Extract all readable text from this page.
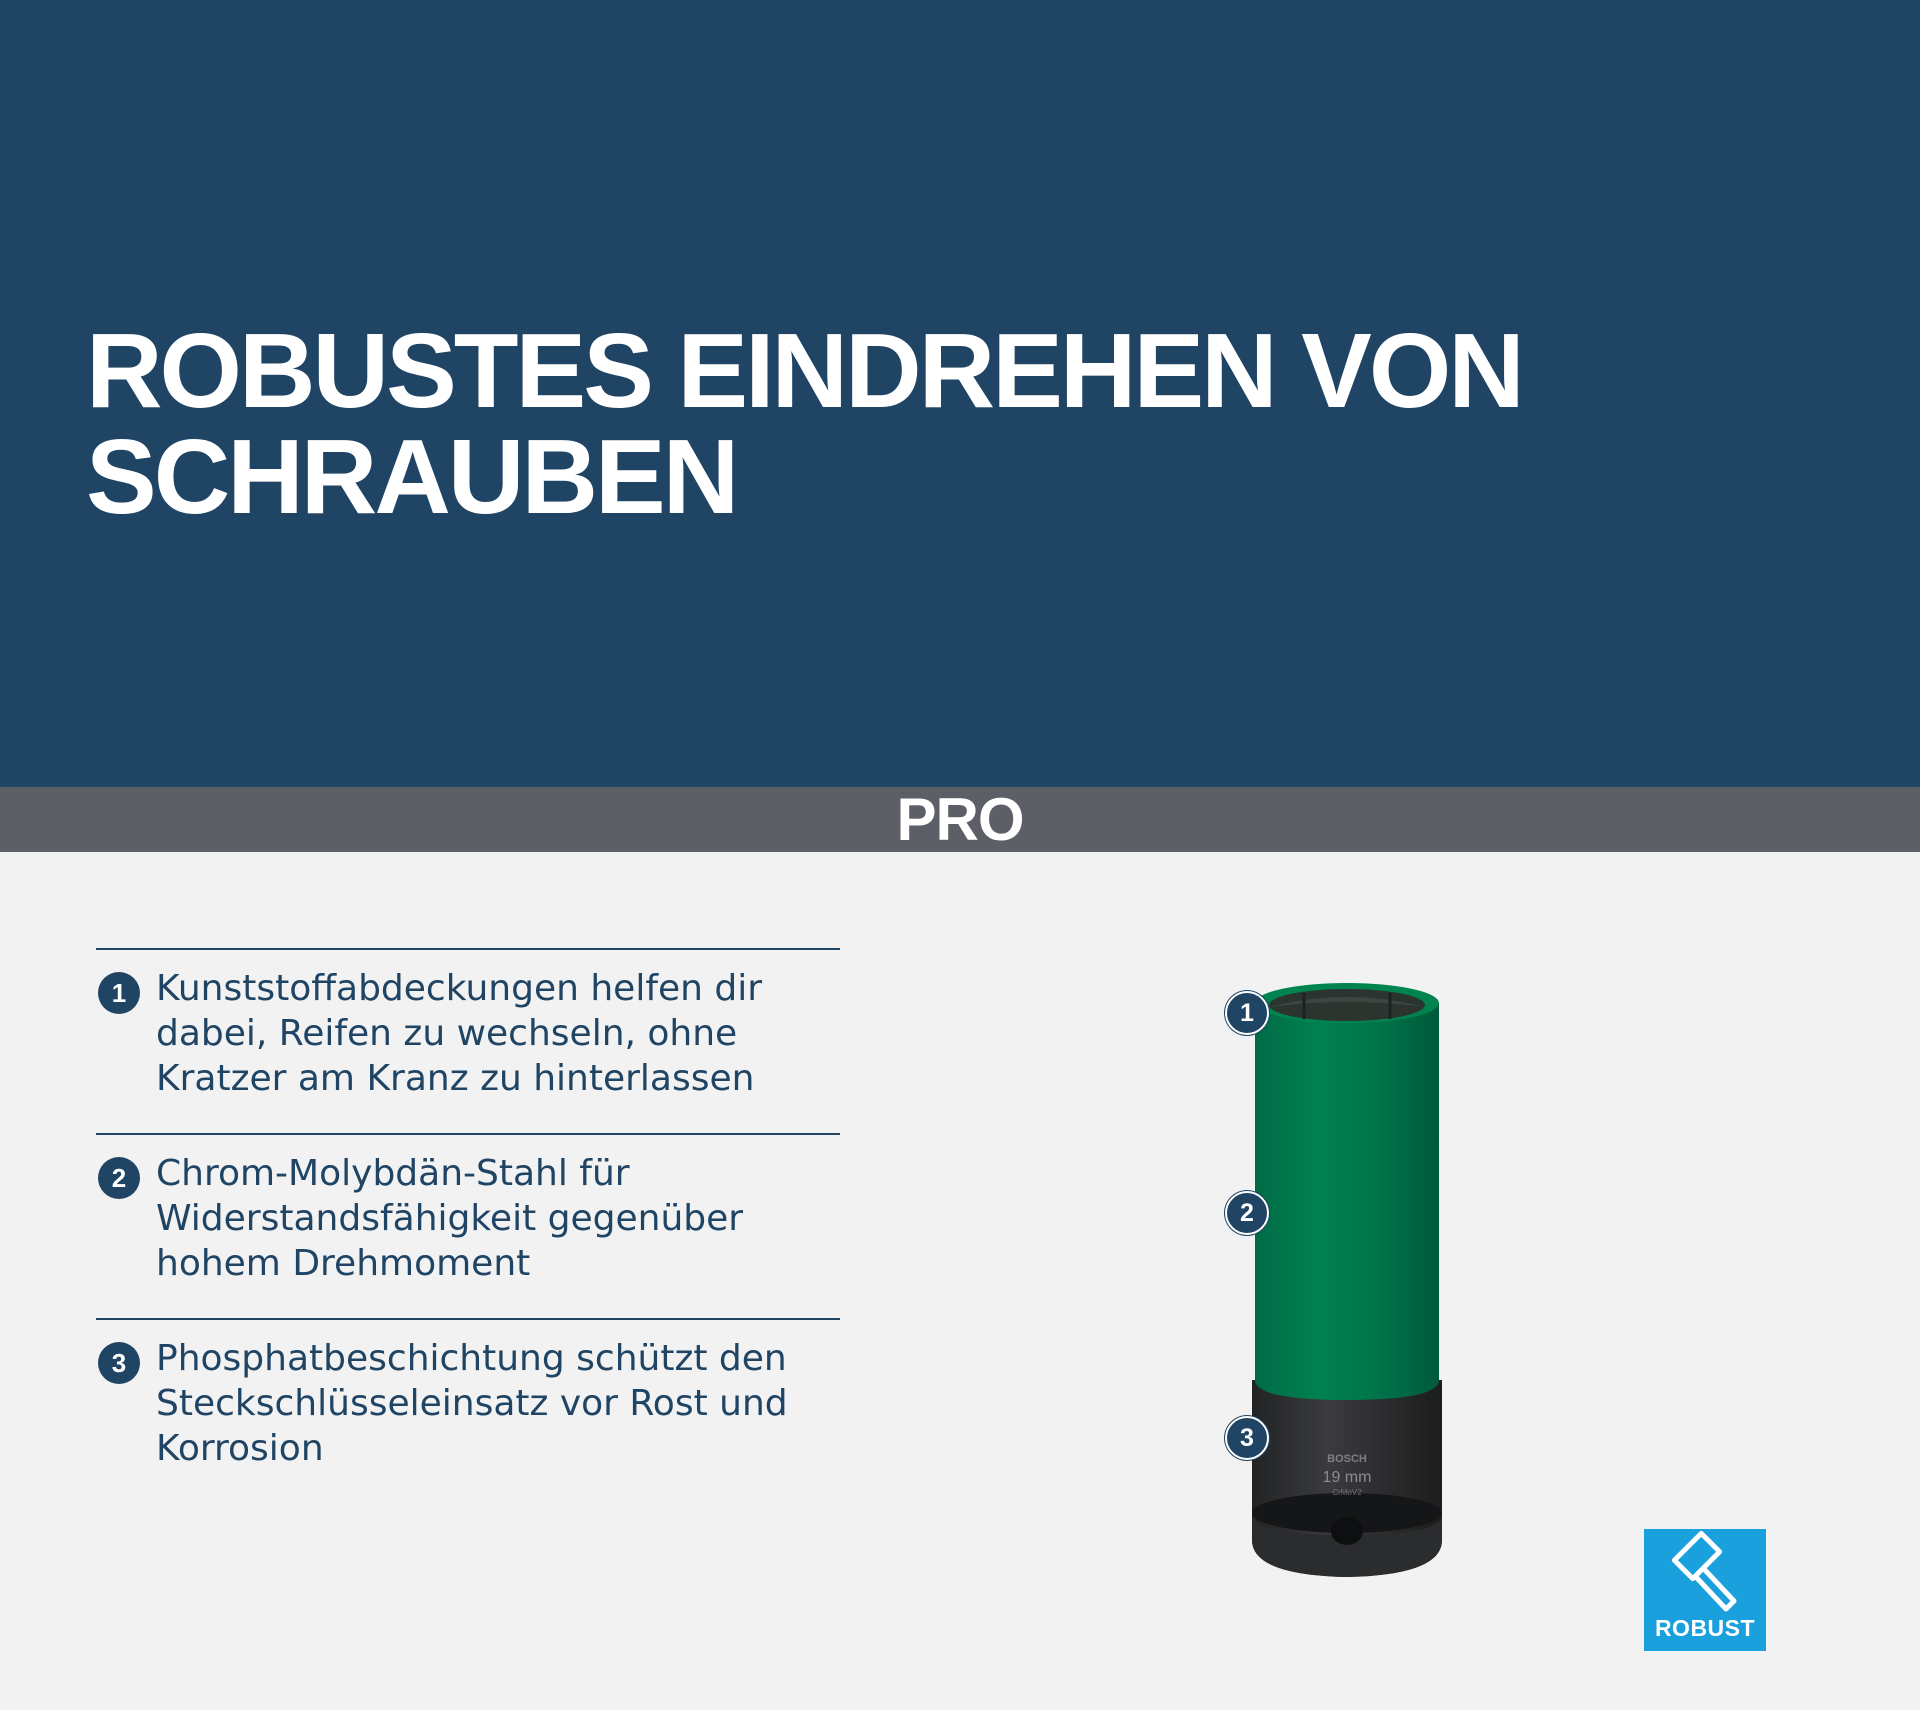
ROBUSTES EINDREHEN VON
SCHRAUBEN
PRO
1 Kunststoffabdeckungen helfen dir
dabei, Reifen zu wechseln, ohne
Kratzer am Kranz zu hinterlassen

2 Chrom-Molybdän-Stahl für
Widerstandsfähigkeit gegenüber
hohem Drehmoment

3 Phosphatbeschichtung schützt den
Steckschlüsseleinsatz vor Rost und
Korrosion	BOSCH
19 mm
CrMoV2
1
2
3
ROBUST
